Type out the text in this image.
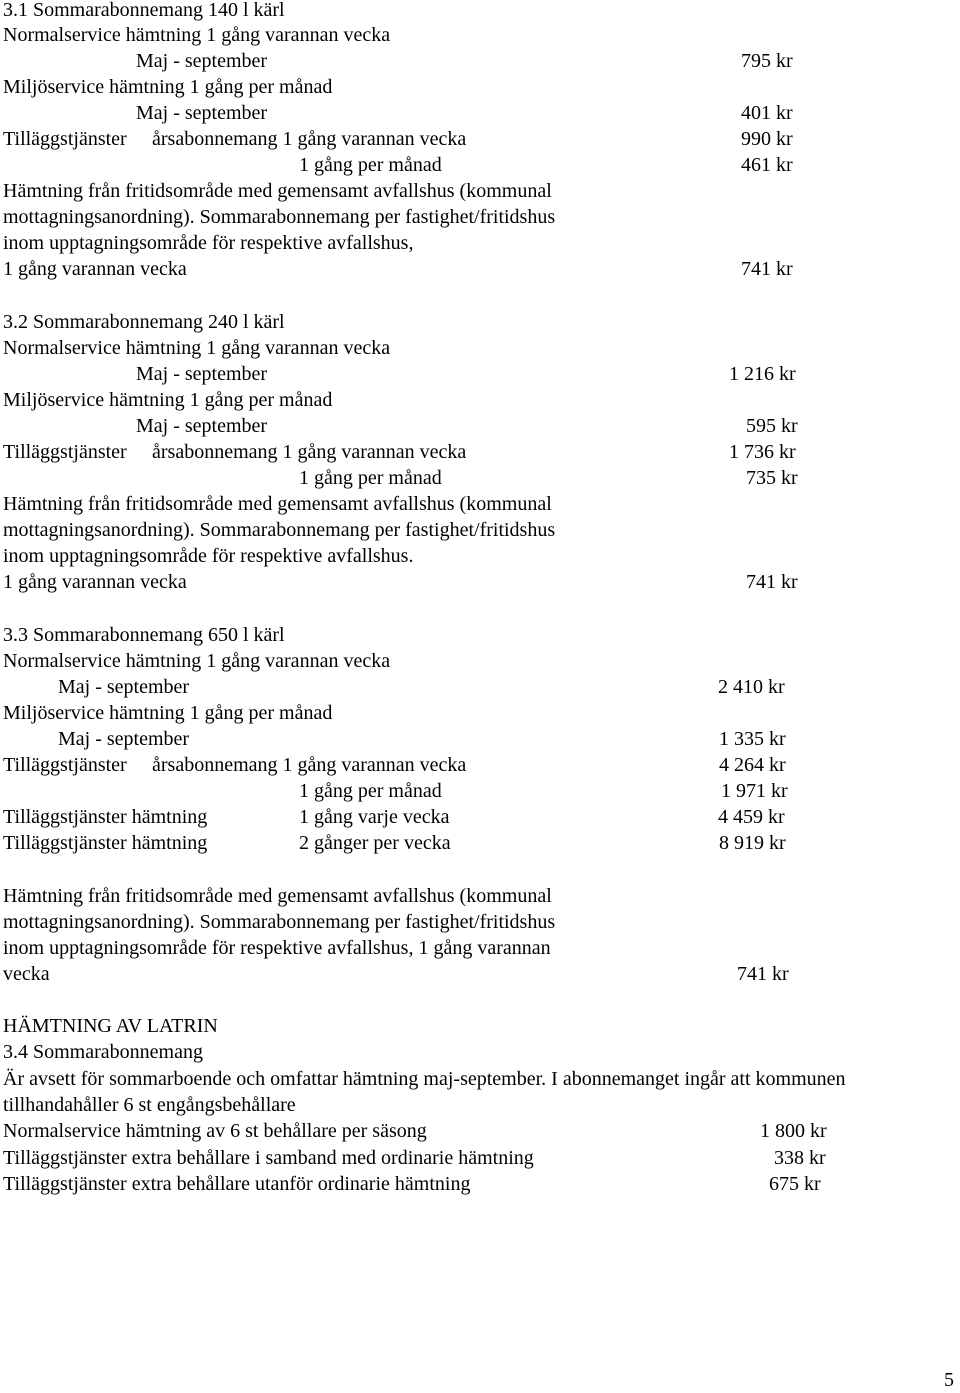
3.1 Sommarabonnemang 140 l kärl
Normalservice hämtning 1 gång varannan vecka
Maj - september	795 kr
Miljöservice hämtning 1 gång per månad
Maj - september	401 kr
Tilläggstjänster årsabonnemang 1 gång varannan vecka	990 kr
1 gång per månad	461 kr
Hämtning från fritidsområde med gemensamt avfallshus (kommunal
mottagningsanordning). Sommarabonnemang per fastighet/fritidshus
inom upptagningsområde för respektive avfallshus,
1 gång varannan vecka	741 kr
3.2 Sommarabonnemang 240 l kärl
Normalservice hämtning 1 gång varannan vecka
Maj - september	1 216 kr
Miljöservice hämtning 1 gång per månad
Maj - september	595 kr
Tilläggstjänster årsabonnemang 1 gång varannan vecka	1 736 kr
1 gång per månad	735 kr
Hämtning från fritidsområde med gemensamt avfallshus (kommunal
mottagningsanordning). Sommarabonnemang per fastighet/fritidshus
inom upptagningsområde för respektive avfallshus.
1 gång varannan vecka	741 kr
3.3 Sommarabonnemang 650 l kärl
Normalservice hämtning 1 gång varannan vecka
Maj - september	2 410 kr
Miljöservice hämtning 1 gång per månad
Maj - september	1 335 kr
Tilläggstjänster årsabonnemang 1 gång varannan vecka	4 264 kr
1 gång per månad	1 971 kr
Tilläggstjänster hämtning	1 gång varje vecka	4 459 kr
Tilläggstjänster hämtning	2 gånger per vecka	8 919 kr
Hämtning från fritidsområde med gemensamt avfallshus (kommunal
mottagningsanordning). Sommarabonnemang per fastighet/fritidshus
inom upptagningsområde för respektive avfallshus, 1 gång varannan
vecka	741 kr
HÄMTNING AV LATRIN
3.4 Sommarabonnemang
Är avsett för sommarboende och omfattar hämtning maj-september. I abonnemanget ingår att kommunen
tillhandahåller 6 st engångsbehållare
Normalservice hämtning av 6 st behållare per säsong	1 800 kr
Tilläggstjänster extra behållare i samband med ordinarie hämtning	338 kr
Tilläggstjänster extra behållare utanför ordinarie hämtning	675 kr
5
